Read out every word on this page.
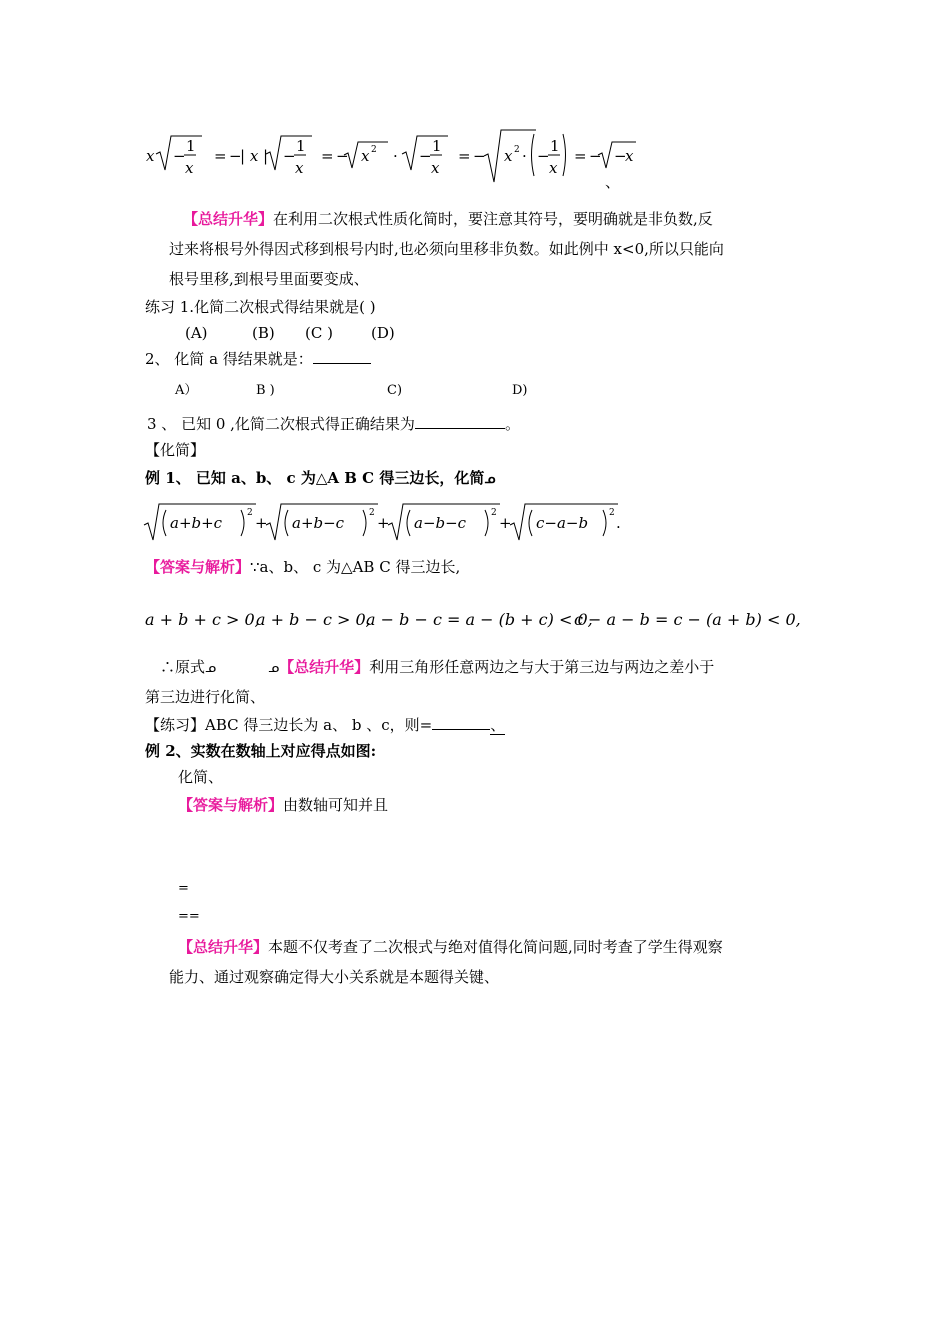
x −
1
x
= −
| x | −
1
x
= − x 2 · −
1
x
= − x 2 · −
1
x
= − −
x
、
【总结升华】在利用二次根式性质化简时，要注意其符号，要明确就是非负数,反
过来将根号外得因式移到根号内时,也必须向里移非负数。如此例中 x<0,所以只能向
根号里移,到根号里面要变成、
练习 1.化简二次根式得结果就是( )
(A)	(B) (C )	(D)
2、 化简 a 得结果就是：
A）	B )	C)	D)
3 、 已知 0 ,化简二次根式得正确结果为	。
【化简】
例 1、 已知 a、b、 c 为△A B C 得三边长，化简ᓄ
a+b+c	a+b−c	a−b−c	c−a−b
2	2	2	2
+	+	+	.
【答案与解析】∵a、b、 c 为△AB C 得三边长,
a + b + c > 0,
a + b − c > 0,
a − b − c = a − (b + c) < 0,
c − a − b = c − (a + b) < 0,
∴原式ᓄ	ᓄ【总结升华】利用三角形任意两边之与大于第三边与两边之差小于
第三边进行化简、
【练习】ABC 得三边长为 a、 b 、c，则=	、
例 2、实数在数轴上对应得点如图:
化简、
【答案与解析】由数轴可知并且
=
==
【总结升华】本题不仅考查了二次根式与绝对值得化简问题,同时考查了学生得观察
能力、通过观察确定得大小关系就是本题得关键、
